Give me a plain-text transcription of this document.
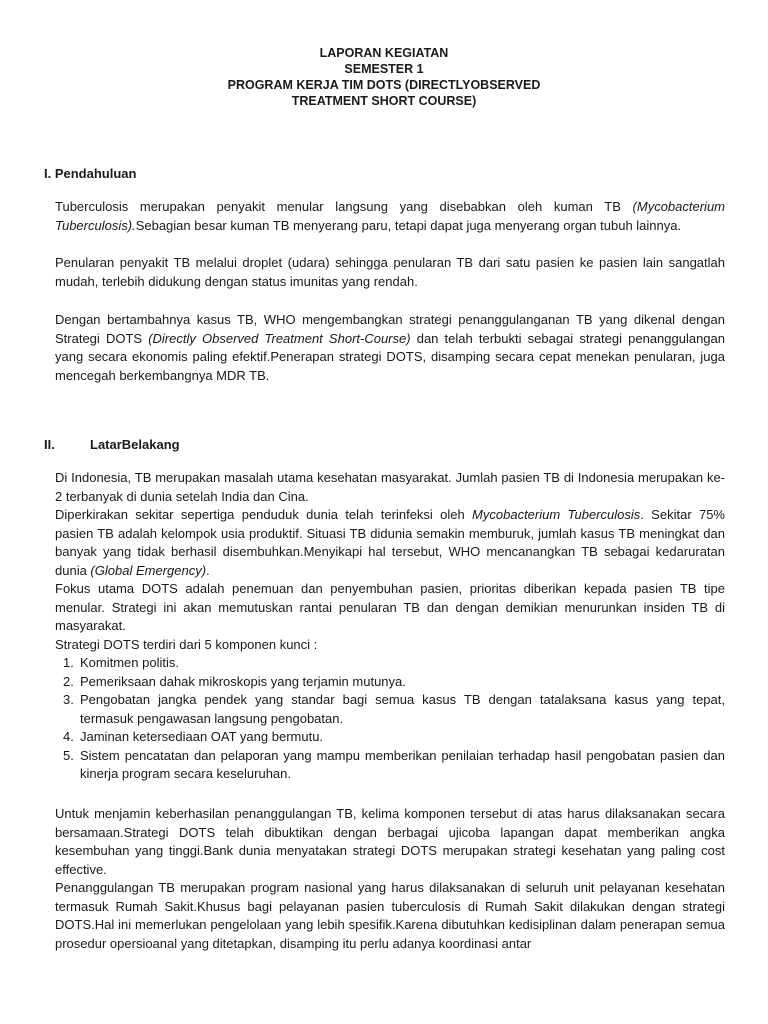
LAPORAN KEGIATAN
SEMESTER 1
PROGRAM KERJA TIM DOTS (DIRECTLYOBSERVED
TREATMENT SHORT COURSE)
I. Pendahuluan

Tuberculosis merupakan penyakit menular langsung yang disebabkan oleh kuman TB (Mycobacterium Tuberculosis).Sebagian besar kuman TB menyerang paru, tetapi dapat juga menyerang organ tubuh lainnya.

Penularan penyakit TB melalui droplet (udara) sehingga penularan TB dari satu pasien ke pasien lain sangatlah mudah, terlebih didukung dengan status imunitas yang rendah.

Dengan bertambahnya kasus TB, WHO mengembangkan strategi penanggulanganan TB yang dikenal dengan Strategi DOTS (Directly Observed Treatment Short-Course) dan telah terbukti sebagai strategi penanggulangan yang secara ekonomis paling efektif.Penerapan strategi DOTS, disamping secara cepat menekan penularan, juga mencegah berkembangnya MDR TB.

II.	LatarBelakang

Di Indonesia, TB merupakan masalah utama kesehatan masyarakat. Jumlah pasien TB di Indonesia merupakan ke-2 terbanyak di dunia setelah India dan Cina.

Diperkirakan sekitar sepertiga penduduk dunia telah terinfeksi oleh Mycobacterium Tuberculosis. Sekitar 75% pasien TB adalah kelompok usia produktif. Situasi TB didunia semakin memburuk, jumlah kasus TB meningkat dan banyak yang tidak berhasil disembuhkan.Menyikapi hal tersebut, WHO mencanangkan TB sebagai kedaruratan dunia (Global Emergency).

Fokus utama DOTS adalah penemuan dan penyembuhan pasien, prioritas diberikan kepada pasien TB tipe menular. Strategi ini akan memutuskan rantai penularan TB dan dengan demikian menurunkan insiden TB di masyarakat.

Strategi DOTS terdiri dari 5 komponen kunci :

1. Komitmen politis.
2. Pemeriksaan dahak mikroskopis yang terjamin mutunya.
3. Pengobatan jangka pendek yang standar bagi semua kasus TB dengan tatalaksana kasus yang tepat, termasuk pengawasan langsung pengobatan.
4. Jaminan ketersediaan OAT yang bermutu.
5. Sistem pencatatan dan pelaporan yang mampu memberikan penilaian terhadap hasil pengobatan pasien dan kinerja program secara keseluruhan.

Untuk menjamin keberhasilan penanggulangan TB, kelima komponen tersebut di atas harus dilaksanakan secara bersamaan.Strategi DOTS telah dibuktikan dengan berbagai ujicoba lapangan dapat memberikan angka kesembuhan yang tinggi.Bank dunia menyatakan strategi DOTS merupakan strategi kesehatan yang paling cost effective.

Penanggulangan TB merupakan program nasional yang harus dilaksanakan di seluruh unit pelayanan kesehatan termasuk Rumah Sakit.Khusus bagi pelayanan pasien tuberculosis di Rumah Sakit dilakukan dengan strategi DOTS.Hal ini memerlukan pengelolaan yang lebih spesifik.Karena dibutuhkan kedisiplinan dalam penerapan semua prosedur opersioanal yang ditetapkan, disamping itu perlu adanya koordinasi antar
